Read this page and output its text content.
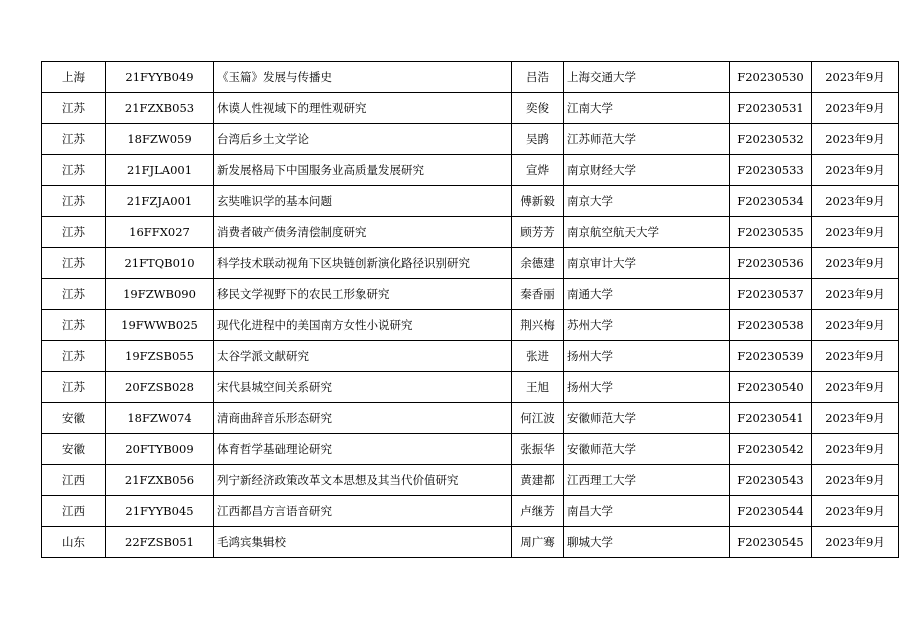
上海	21FYYB049	《玉篇》发展与传播史	吕浩	上海交通大学	F20230530	2023年9月
江苏	21FZXB053	休谟人性视域下的理性观研究	奕俊	江南大学	F20230531	2023年9月
江苏	18FZW059	台湾后乡土文学论	吴鹍	江苏师范大学	F20230532	2023年9月
江苏	21FJLA001	新发展格局下中国服务业高质量发展研究	宣烨	南京财经大学	F20230533	2023年9月
江苏	21FZJA001	玄奘唯识学的基本问题	傅新毅	南京大学	F20230534	2023年9月
江苏	16FFX027	消费者破产债务清偿制度研究	顾芳芳	南京航空航天大学	F20230535	2023年9月
江苏	21FTQB010	科学技术联动视角下区块链创新演化路径识别研究	余德建	南京审计大学	F20230536	2023年9月
江苏	19FZWB090	移民文学视野下的农民工形象研究	秦香丽	南通大学	F20230537	2023年9月
江苏	19FWWB025	现代化进程中的美国南方女性小说研究	荆兴梅	苏州大学	F20230538	2023年9月
江苏	19FZSB055	太谷学派文献研究	张进	扬州大学	F20230539	2023年9月
江苏	20FZSB028	宋代县城空间关系研究	王旭	扬州大学	F20230540	2023年9月
安徽	18FZW074	清商曲辞音乐形态研究	何江波	安徽师范大学	F20230541	2023年9月
安徽	20FTYB009	体育哲学基础理论研究	张振华	安徽师范大学	F20230542	2023年9月
江西	21FZXB056	列宁新经济政策改革文本思想及其当代价值研究	黄建都	江西理工大学	F20230543	2023年9月
江西	21FYYB045	江西都昌方言语音研究	卢继芳	南昌大学	F20230544	2023年9月
山东	22FZSB051	毛鸿宾集辑校	周广骞	聊城大学	F20230545	2023年9月
